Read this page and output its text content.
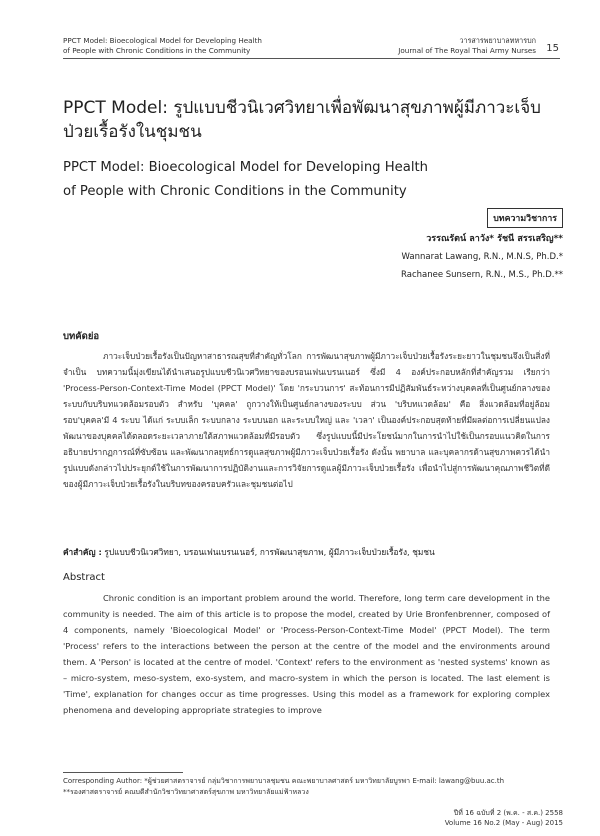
PPCT Model: Bioecological Model for Developing Health
of People with Chronic Conditions in the Community
วารสารพยาบาลทหารบก
Journal of The Royal Thai Army Nurses 15
PPCT Model: รูปแบบชีวนิเวศวิทยาเพื่อพัฒนาสุขภาพผู้มีภาวะเจ็บป่วยเรื้อรังในชุมชน
PPCT Model: Bioecological Model for Developing Health
of People with Chronic Conditions in the Community
บทความวิชาการ
วรรณรัตน์ ลาวัง* รัชนี สรรเสริญ**
Wannarat Lawang, R.N., M.N.S, Ph.D.*
Rachanee Sunsern, R.N., M.S., Ph.D.**
บทคัดย่อ

ภาวะเจ็บป่วยเรื้อรังเป็นปัญหาสาธารณสุขที่สำคัญทั่วโลก การพัฒนาสุขภาพผู้มีภาวะเจ็บป่วยเรื้อรังระยะยาวในชุมชนจึงเป็นสิ่งที่จำเป็น บทความนี้มุ่งเขียนได้นำเสนอรูปแบบชีวนิเวศวิทยาของบรอนเฟนเบรนเนอร์ ซึ่งมี 4 องค์ประกอบหลักที่สำคัญรวม เรียกว่า 'Process-Person-Context-Time Model (PPCT Model)' โดย 'กระบวนการ' สะท้อนการมีปฏิสัมพันธ์ระหว่างบุคคลที่เป็นศูนย์กลางของระบบกับบริบทแวดล้อมรอบตัว สำหรับ 'บุคคล' ถูกวางให้เป็นศูนย์กลางของระบบ ส่วน 'บริบทแวดล้อม' คือ สิ่งแวดล้อมที่อยู่ล้อมรอบ'บุคคล'มี 4 ระบบ ได้แก่ ระบบเล็ก ระบบกลาง ระบบนอก และระบบใหญ่ และ 'เวลา' เป็นองค์ประกอบสุดท้ายที่มีผลต่อการเปลี่ยนแปลงพัฒนาของบุคคลได้ตลอดระยะเวลาภายใต้สภาพแวดล้อมที่มีรอบตัว ซึ่งรูปแบบนี้มีประโยชน์มากในการนำไปใช้เป็นกรอบแนวคิดในการอธิบายปรากฏการณ์ที่ซับซ้อน และพัฒนากลยุทธ์การดูแลสุขภาพผู้มีภาวะเจ็บป่วยเรื้อรัง ดังนั้น พยาบาล และบุคลากรด้านสุขภาพควรได้นำรูปแบบดังกล่าวไปประยุกต์ใช้ในการพัฒนาการปฏิบัติงานและการวิจัยการดูแลผู้มีภาวะเจ็บป่วยเรื้อรัง เพื่อนำไปสู่การพัฒนาคุณภาพชีวิตที่ดีของผู้มีภาวะเจ็บป่วยเรื้อรังในบริบทของครอบครัวและชุมชนต่อไป

คำสำคัญ : รูปแบบชีวนิเวศวิทยา, บรอนเฟนเบรนเนอร์, การพัฒนาสุขภาพ, ผู้มีภาวะเจ็บป่วยเรื้อรัง, ชุมชน
Abstract

Chronic condition is an important problem around the world. Therefore, long term care development in the community is needed. The aim of this article is to propose the model, created by Urie Bronfenbrenner, composed of 4 components, namely 'Bioecological Model' or 'Process-Person-Context-Time Model' (PPCT Model). The term 'Process' refers to the interactions between the person at the centre of the model and the environments around them. A 'Person' is located at the centre of model. 'Context' refers to the environment as 'nested systems' known as – micro-system, meso-system, exo-system, and macro-system in which the person is located. The last element is 'Time', explanation for changes occur as time progresses. Using this model as a framework for exploring complex phenomena and developing appropriate strategies to improve

Corresponding Author: *ผู้ช่วยศาสตราจารย์ กลุ่มวิชาการพยาบาลชุมชน คณะพยาบาลศาสตร์ มหาวิทยาลัยบูรพา E-mail: lawang@buu.ac.th
**รองศาสตราจารย์ คณบดีสำนักวิชาวิทยาศาสตร์สุขภาพ มหาวิทยาลัยแม่ฟ้าหลวง
ปีที่ 16 ฉบับที่ 2 (พ.ค. - ส.ค.) 2558
Volume 16 No.2 (May - Aug) 2015
